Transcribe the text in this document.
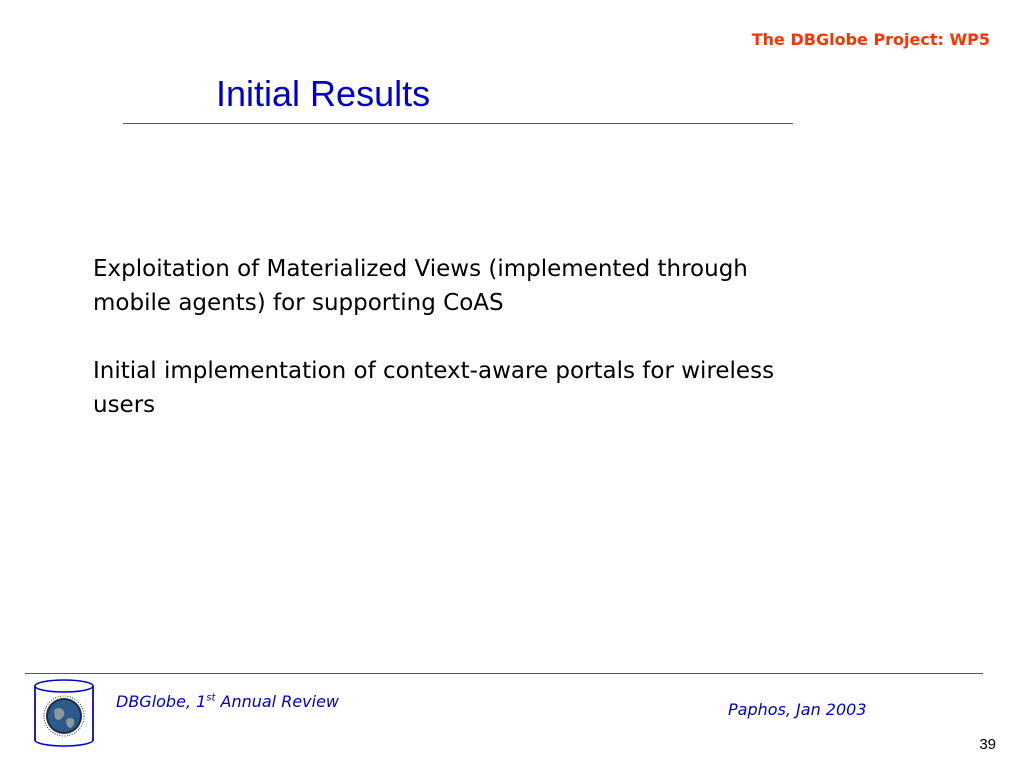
The DBGlobe Project: WP5
Initial Results

Exploitation of Materialized Views (implemented through mobile agents) for supporting CoAS

Initial implementation of context-aware portals for wireless users

DBGlobe, 1st Annual Review	Paphos, Jan 2003
39
